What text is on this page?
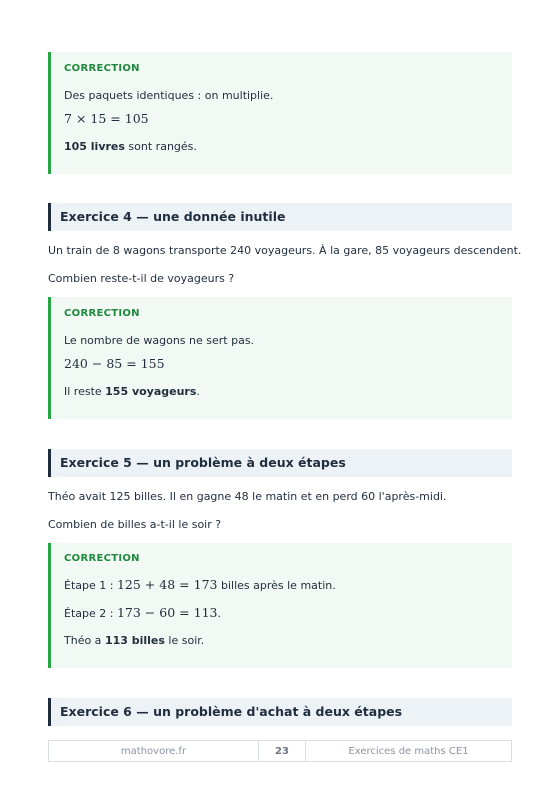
CORRECTION
Des paquets identiques : on multiplie.
7 × 15 = 105
105 livres sont rangés.
Exercice 4 — une donnée inutile
Un train de 8 wagons transporte 240 voyageurs. À la gare, 85 voyageurs descendent.
Combien reste-t-il de voyageurs ?
CORRECTION
Le nombre de wagons ne sert pas.
240 − 85 = 155
Il reste 155 voyageurs.
Exercice 5 — un problème à deux étapes
Théo avait 125 billes. Il en gagne 48 le matin et en perd 60 l'après-midi.
Combien de billes a-t-il le soir ?
CORRECTION
Étape 1 : 125 + 48 = 173 billes après le matin.
Étape 2 : 173 − 60 = 113.
Théo a 113 billes le soir.
Exercice 6 — un problème d'achat à deux étapes
mathovore.fr	23	Exercices de maths CE1
